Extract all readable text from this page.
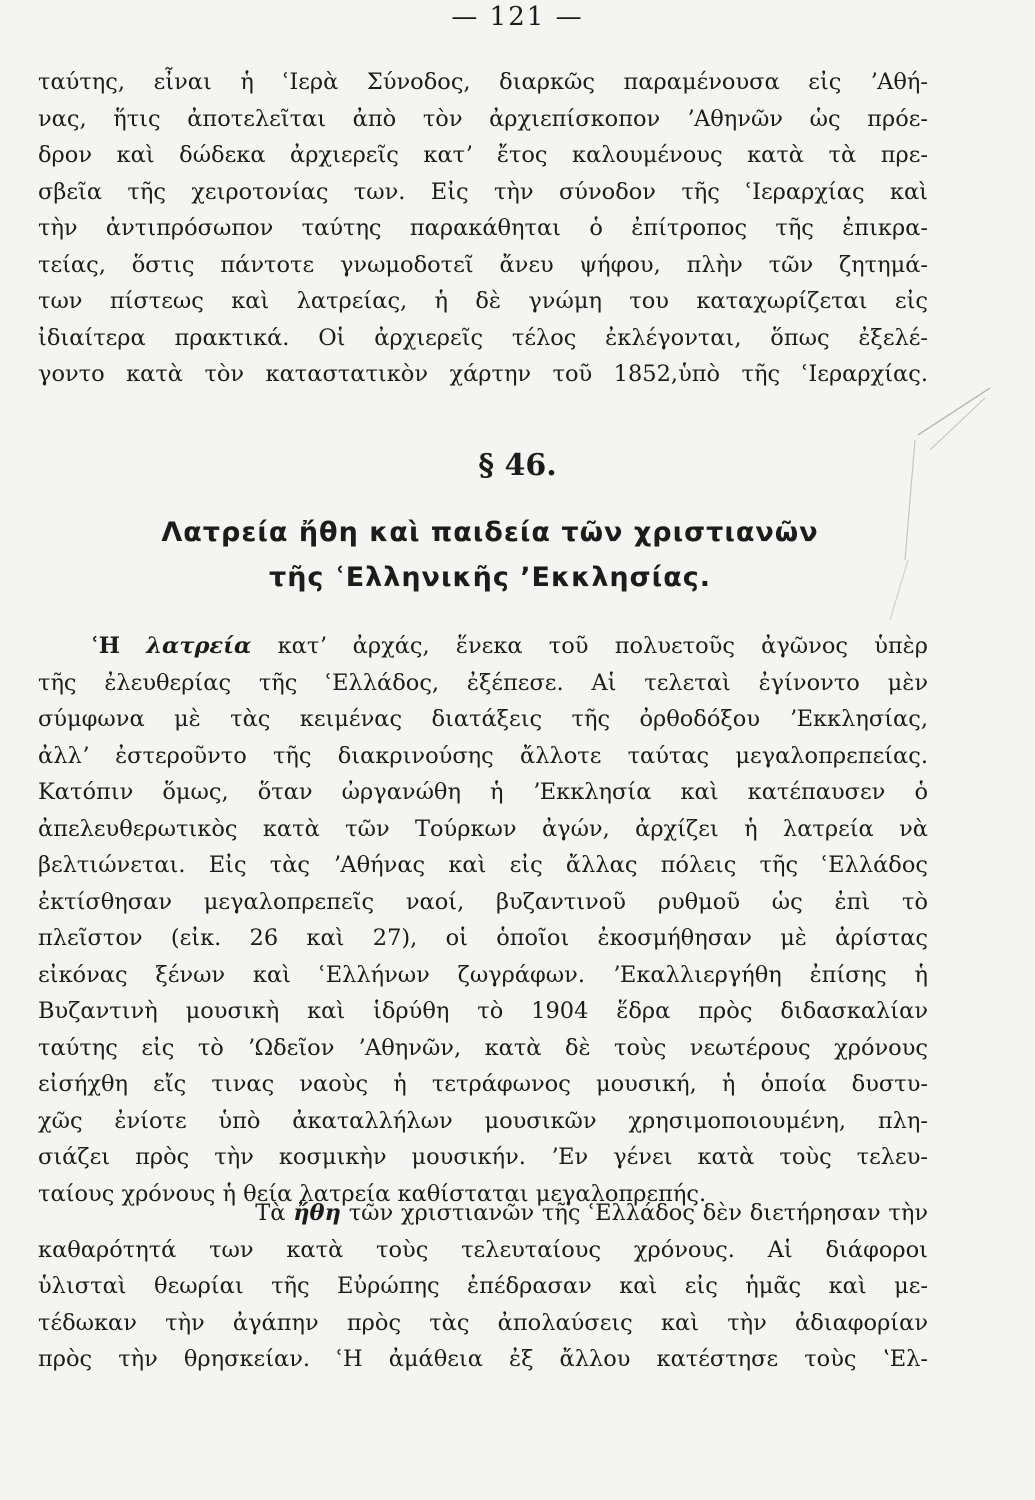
— 121 —
ταύτης, εἶναι ἡ ʿΙερὰ Σύνοδος, διαρκῶς παραμένουσα εἰς ʼΑθή-
νας, ἥτις ἀποτελεῖται ἀπὸ τὸν ἀρχιεπίσκοπον ʼΑθηνῶν ὡς πρόε-
δρον καὶ δώδεκα ἀρχιερεῖς κατʼ ἔτος καλουμένους κατὰ τὰ πρε-
σβεῖα τῆς χειροτονίας των. Εἰς τὴν σύνοδον τῆς ʿΙεραρχίας καὶ
τὴν ἀντιπρόσωπον ταύτης παρακάθηται ὁ ἐπίτροπος τῆς ἐπικρα-
τείας, ὅστις πάντοτε γνωμοδοτεῖ ἄνευ ψήφου, πλὴν τῶν ζητημά-
των πίστεως καὶ λατρείας, ἡ δὲ γνώμη του καταχωρίζεται εἰς
ἰδιαίτερα πρακτικά. Οἱ ἀρχιερεῖς τέλος ἐκλέγονται, ὅπως ἐξελέ-
γοντο κατὰ τὸν καταστατικὸν χάρτην τοῦ 1852,ὑπὸ τῆς ʿΙεραρχίας.
§ 46.
Λατρεία ἤθη καὶ παιδεία τῶν χριστιανῶν
τῆς ʿΕλληνικῆς ʼΕκκλησίας.
ʿΗ λατρεία κατʼ ἀρχάς, ἕνεκα τοῦ πολυετοῦς ἀγῶνος ὑπὲρ
τῆς ἐλευθερίας τῆς ʿΕλλάδος, ἐξέπεσε. Αἱ τελεταὶ ἐγίνοντο μὲν
σύμφωνα μὲ τὰς κειμένας διατάξεις τῆς ὀρθοδόξου ʼΕκκλησίας,
ἀλλʼ ἐστεροῦντο τῆς διακρινούσης ἄλλοτε ταύτας μεγαλοπρεπείας.
Κατόπιν ὅμως, ὅταν ὠργανώθη ἡ ʼΕκκλησία καὶ κατέπαυσεν ὁ
ἀπελευθερωτικὸς κατὰ τῶν Τούρκων ἀγών, ἀρχίζει ἡ λατρεία νὰ
βελτιώνεται. Εἰς τὰς ʼΑθήνας καὶ εἰς ἄλλας πόλεις τῆς ʿΕλλάδος
ἐκτίσθησαν μεγαλοπρεπεῖς ναοί, βυζαντινοῦ ρυθμοῦ ὡς ἐπὶ τὸ
πλεῖστον (εἰκ. 26 καὶ 27), οἱ ὁποῖοι ἐκοσμήθησαν μὲ ἀρίστας
εἰκόνας ξένων καὶ ʿΕλλήνων ζωγράφων. ʼΕκαλλιεργήθη ἐπίσης ἡ
Βυζαντινὴ μουσικὴ καὶ ἱδρύθη τὸ 1904 ἕδρα πρὸς διδασκαλίαν
ταύτης εἰς τὸ ʼΩδεῖον ʼΑθηνῶν, κατὰ δὲ τοὺς νεωτέρους χρόνους
εἰσήχθη εἴς τινας ναοὺς ἡ τετράφωνος μουσική, ἡ ὁποία δυστυ-
χῶς ἐνίοτε ὑπὸ ἀκαταλλήλων μουσικῶν χρησιμοποιουμένη, πλη-
σιάζει πρὸς τὴν κοσμικὴν μουσικήν. ʼΕν γένει κατὰ τοὺς τελευ-
ταίους χρόνους ἡ θεία λατρεία καθίσταται μεγαλοπρεπής.
Τὰ ἤθη τῶν χριστιανῶν τῆς ʿΕλλάδος δὲν διετήρησαν τὴν
καθαρότητά των κατὰ τοὺς τελευταίους χρόνους. Αἱ διάφοροι
ὑλισταὶ θεωρίαι τῆς Εὐρώπης ἐπέδρασαν καὶ εἰς ἡμᾶς καὶ με-
τέδωκαν τὴν ἀγάπην πρὸς τὰς ἀπολαύσεις καὶ τὴν ἀδιαφορίαν
πρὸς τὴν θρησκείαν. ʿΗ ἀμάθεια ἐξ ἄλλου κατέστησε τοὺς ʽΕλ-
